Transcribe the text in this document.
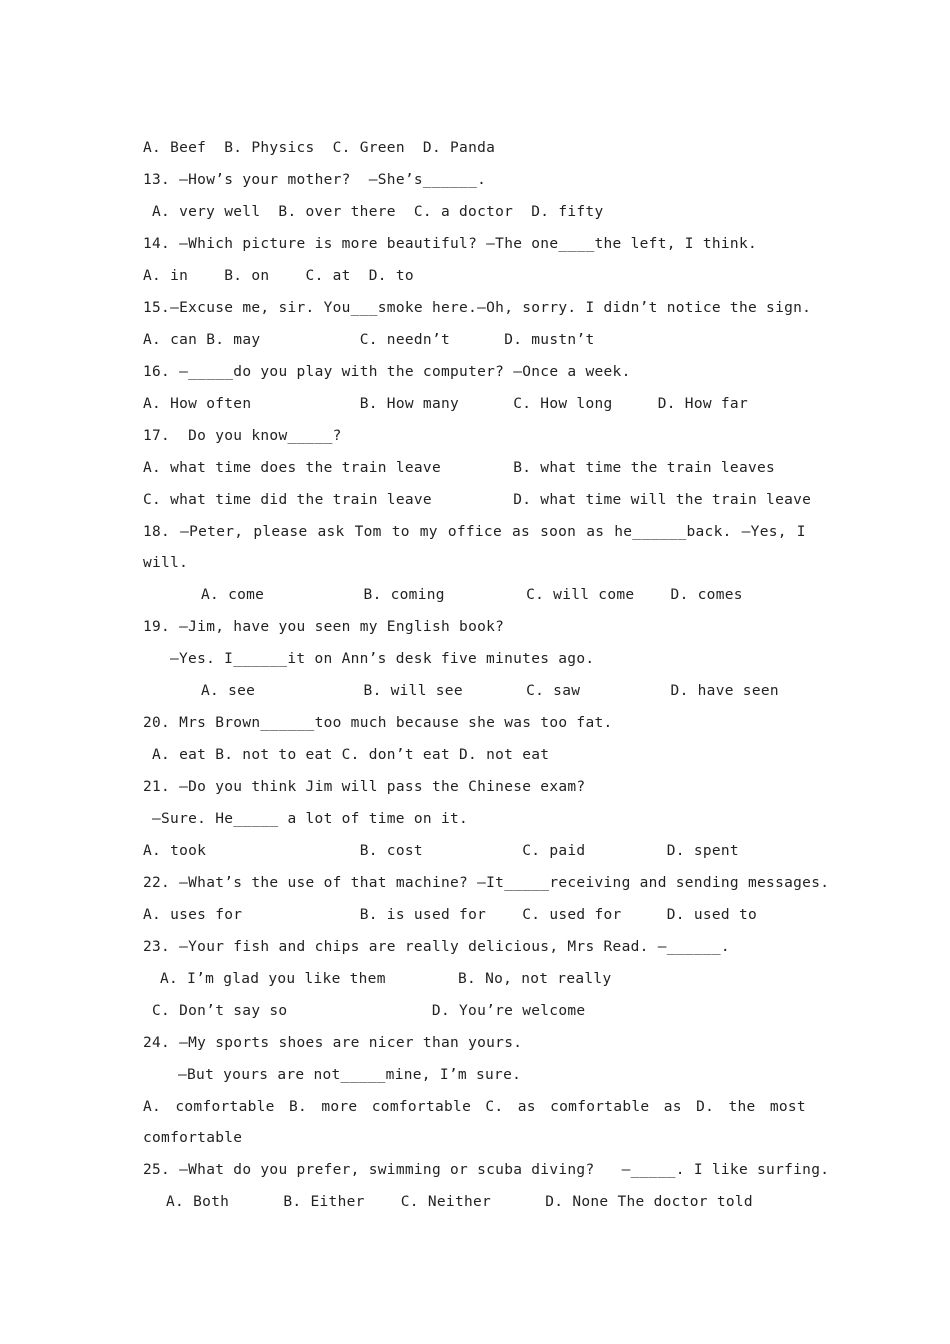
A. Beef  B. Physics  C. Green  D. Panda
13. —How’s your mother?  —She’s______.
A. very well  B. over there  C. a doctor  D. fifty
14. —Which picture is more beautiful? —The one____the left, I think.
A. in    B. on    C. at  D. to
15.—Excuse me, sir. You___smoke here.—Oh, sorry. I didn’t notice the sign.
A. can B. may           C. needn’t      D. mustn’t
16. —_____do you play with the computer? —Once a week.
A. How often            B. How many      C. How long     D. How far
17.  Do you know_____?
A. what time does the train leave        B. what time the train leaves
C. what time did the train leave         D. what time will the train leave
18. —Peter, please ask Tom to my office as soon as he______back. —Yes, I
will.
A. come           B. coming         C. will come    D. comes
19. —Jim, have you seen my English book?
—Yes. I______it on Ann’s desk five minutes ago.
A. see            B. will see       C. saw          D. have seen
20. Mrs Brown______too much because she was too fat.
A. eat B. not to eat C. don’t eat D. not eat
21. —Do you think Jim will pass the Chinese exam?
—Sure. He_____ a lot of time on it.
A. took                 B. cost           C. paid         D. spent
22. —What’s the use of that machine? —It_____receiving and sending messages.
A. uses for             B. is used for    C. used for     D. used to
23. —Your fish and chips are really delicious, Mrs Read. —______.
A. I’m glad you like them        B. No, not really
C. Don’t say so                D. You’re welcome
24. —My sports shoes are nicer than yours.
—But yours are not_____mine, I’m sure.
A. comfortable B. more comfortable C. as comfortable as D. the most
comfortable
25. —What do you prefer, swimming or scuba diving?   —_____. I like surfing.
A. Both      B. Either    C. Neither      D. None The doctor told
